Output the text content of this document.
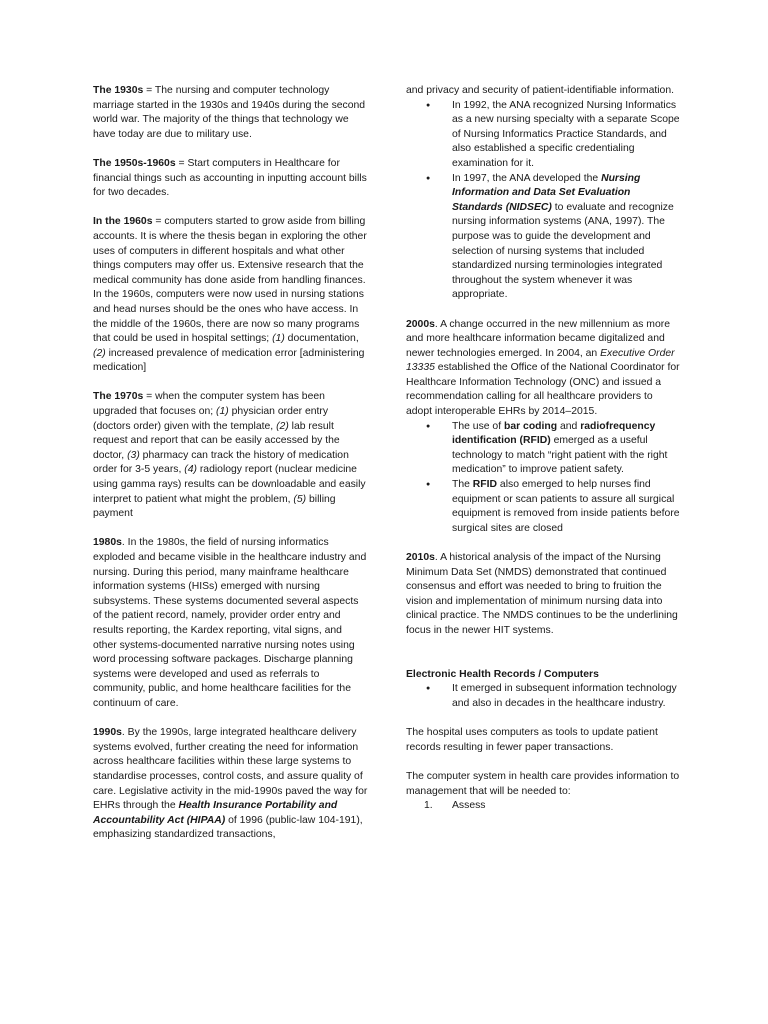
The 1930s = The nursing and computer technology marriage started in the 1930s and 1940s during the second world war. The majority of the things that technology we have today are due to military use.

The 1950s-1960s = Start computers in Healthcare for financial things such as accounting in inputting account bills for two decades.

In the 1960s = computers started to grow aside from billing accounts. It is where the thesis began in exploring the other uses of computers in different hospitals and what other things computers may offer us. Extensive research that the medical community has done aside from handling finances. In the 1960s, computers were now used in nursing stations and head nurses should be the ones who have access. In the middle of the 1960s, there are now so many programs that could be used in hospital settings; (1) documentation, (2) increased prevalence of medication error [administering medication]

The 1970s = when the computer system has been upgraded that focuses on; (1) physician order entry (doctors order) given with the template, (2) lab result request and report that can be easily accessed by the doctor, (3) pharmacy can track the history of medication order for 3-5 years, (4) radiology report (nuclear medicine using gamma rays) results can be downloadable and easily interpret to patient what might the problem, (5) billing payment

1980s. In the 1980s, the field of nursing informatics exploded and became visible in the healthcare industry and nursing. During this period, many mainframe healthcare information systems (HISs) emerged with nursing subsystems. These systems documented several aspects of the patient record, namely, provider order entry and results reporting, the Kardex reporting, vital signs, and other systems-documented narrative nursing notes using word processing software packages. Discharge planning systems were developed and used as referrals to community, public, and home healthcare facilities for the continuum of care.

1990s. By the 1990s, large integrated healthcare delivery systems evolved, further creating the need for information across healthcare facilities within these large systems to standardise processes, control costs, and assure quality of care. Legislative activity in the mid-1990s paved the way for EHRs through the Health Insurance Portability and Accountability Act (HIPAA) of 1996 (public-law 104-191), emphasizing standardized transactions,

and privacy and security of patient-identifiable information.

● In 1992, the ANA recognized Nursing Informatics as a new nursing specialty with a separate Scope of Nursing Informatics Practice Standards, and also established a specific credentialing examination for it.
● In 1997, the ANA developed the Nursing Information and Data Set Evaluation Standards (NIDSEC) to evaluate and recognize nursing information systems (ANA, 1997). The purpose was to guide the development and selection of nursing systems that included standardized nursing terminologies integrated throughout the system whenever it was appropriate.

2000s. A change occurred in the new millennium as more and more healthcare information became digitalized and newer technologies emerged. In 2004, an Executive Order 13335 established the Office of the National Coordinator for Healthcare Information Technology (ONC) and issued a recommendation calling for all healthcare providers to adopt interoperable EHRs by 2014–2015.

● The use of bar coding and radiofrequency identification (RFID) emerged as a useful technology to match “right patient with the right medication” to improve patient safety.
● The RFID also emerged to help nurses find equipment or scan patients to assure all surgical equipment is removed from inside patients before surgical sites are closed

2010s. A historical analysis of the impact of the Nursing Minimum Data Set (NMDS) demonstrated that continued consensus and effort was needed to bring to fruition the vision and implementation of minimum nursing data into clinical practice. The NMDS continues to be the underlining focus in the newer HIT systems.

Electronic Health Records / Computers

● It emerged in subsequent information technology and also in decades in the healthcare industry.

The hospital uses computers as tools to update patient records resulting in fewer paper transactions.

The computer system in health care provides information to management that will be needed to:

1. Assess
